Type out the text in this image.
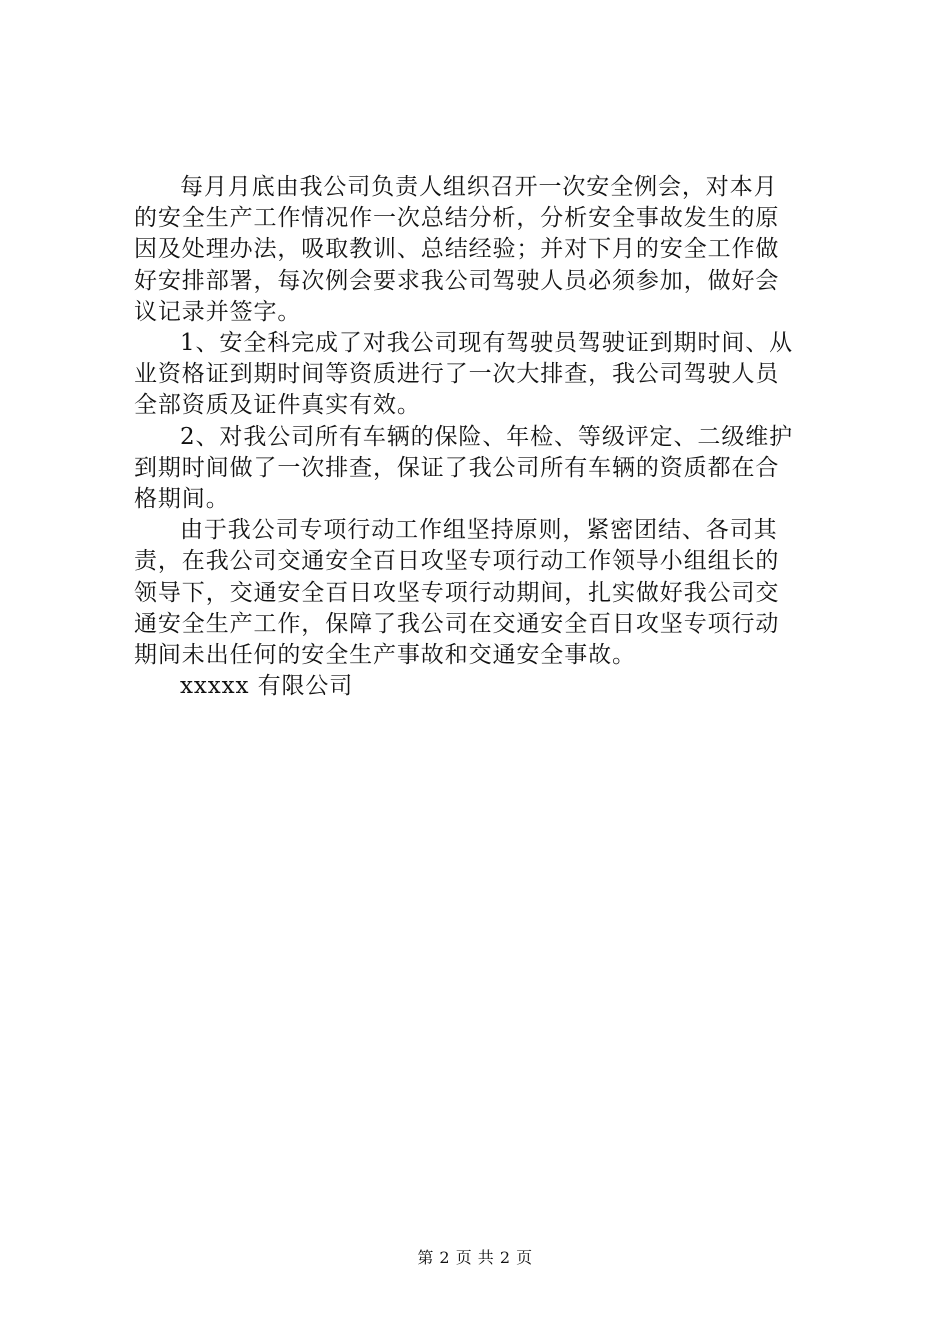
每月月底由我公司负责人组织召开一次安全例会，对本月
的安全生产工作情况作一次总结分析，分析安全事故发生的原
因及处理办法，吸取教训、总结经验；并对下月的安全工作做
好安排部署，每次例会要求我公司驾驶人员必须参加，做好会
议记录并签字。
1、安全科完成了对我公司现有驾驶员驾驶证到期时间、从
业资格证到期时间等资质进行了一次大排查，我公司驾驶人员
全部资质及证件真实有效。
2、对我公司所有车辆的保险、年检、等级评定、二级维护
到期时间做了一次排查，保证了我公司所有车辆的资质都在合
格期间。
由于我公司专项行动工作组坚持原则，紧密团结、各司其
责，在我公司交通安全百日攻坚专项行动工作领导小组组长的
领导下，交通安全百日攻坚专项行动期间，扎实做好我公司交
通安全生产工作，保障了我公司在交通安全百日攻坚专项行动
期间未出任何的安全生产事故和交通安全事故。

xxxxx 有限公司

第 2 页 共 2 页
